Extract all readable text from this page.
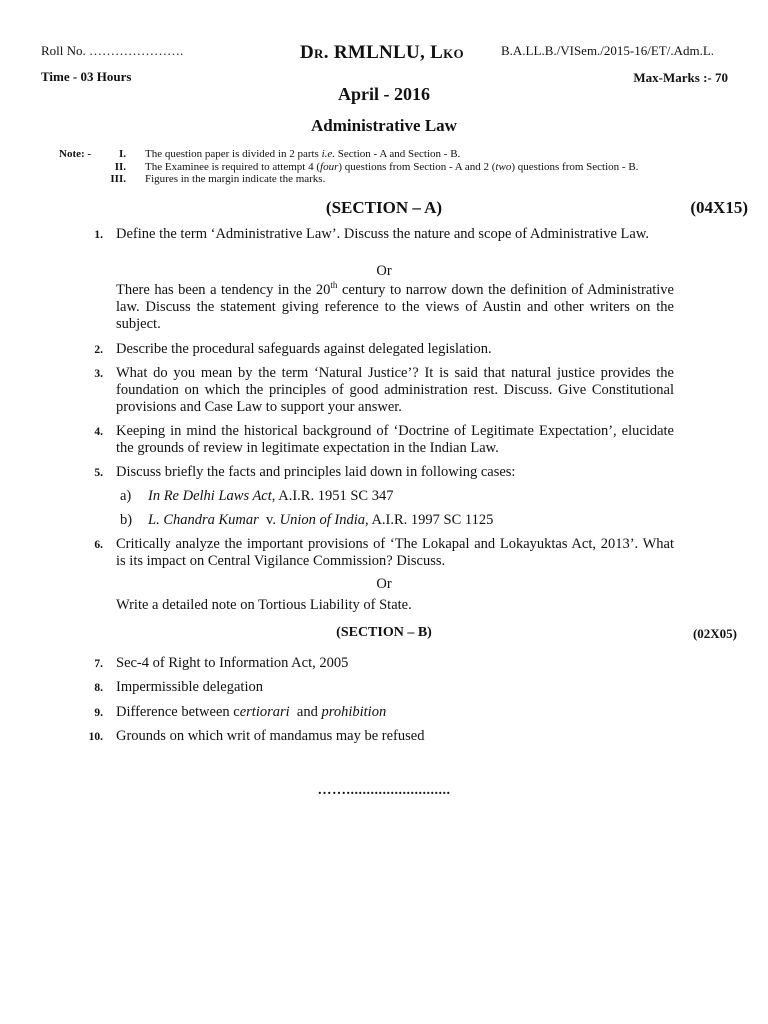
Roll No. ………………….	Dr. RMLNLU, Lko	B.A.LL.B./VISem./2015-16/ET/.Adm.L.
Time - 03 Hours	Max-Marks :- 70
April - 2016
Administrative Law
Note: -	I. The question paper is divided in 2 parts i.e. Section - A and Section - B.
II. The Examinee is required to attempt 4 (four) questions from Section - A and 2 (two) questions from Section - B.
III. Figures in the margin indicate the marks.
(SECTION – A)	(04X15)
1. Define the term ‘Administrative Law’. Discuss the nature and scope of Administrative Law.
Or
There has been a tendency in the 20th century to narrow down the definition of Administrative law. Discuss the statement giving reference to the views of Austin and other writers on the subject.
2. Describe the procedural safeguards against delegated legislation.
3. What do you mean by the term ‘Natural Justice’? It is said that natural justice provides the foundation on which the principles of good administration rest. Discuss. Give Constitutional provisions and Case Law to support your answer.
4. Keeping in mind the historical background of ‘Doctrine of Legitimate Expectation’, elucidate the grounds of review in legitimate expectation in the Indian Law.
5. Discuss briefly the facts and principles laid down in following cases:
a) In Re Delhi Laws Act, A.I.R. 1951 SC 347
b) L. Chandra Kumar  v. Union of India, A.I.R. 1997 SC 1125
6. Critically analyze the important provisions of ‘The Lokapal and Lokayuktas Act, 2013’. What is its impact on Central Vigilance Commission? Discuss.
Or
Write a detailed note on Tortious Liability of State.
(SECTION – B)	(02X05)
7. Sec-4 of Right to Information Act, 2005
8. Impermissible delegation
9. Difference between certiorari  and prohibition
10. Grounds on which writ of mandamus may be refused
……..........................
